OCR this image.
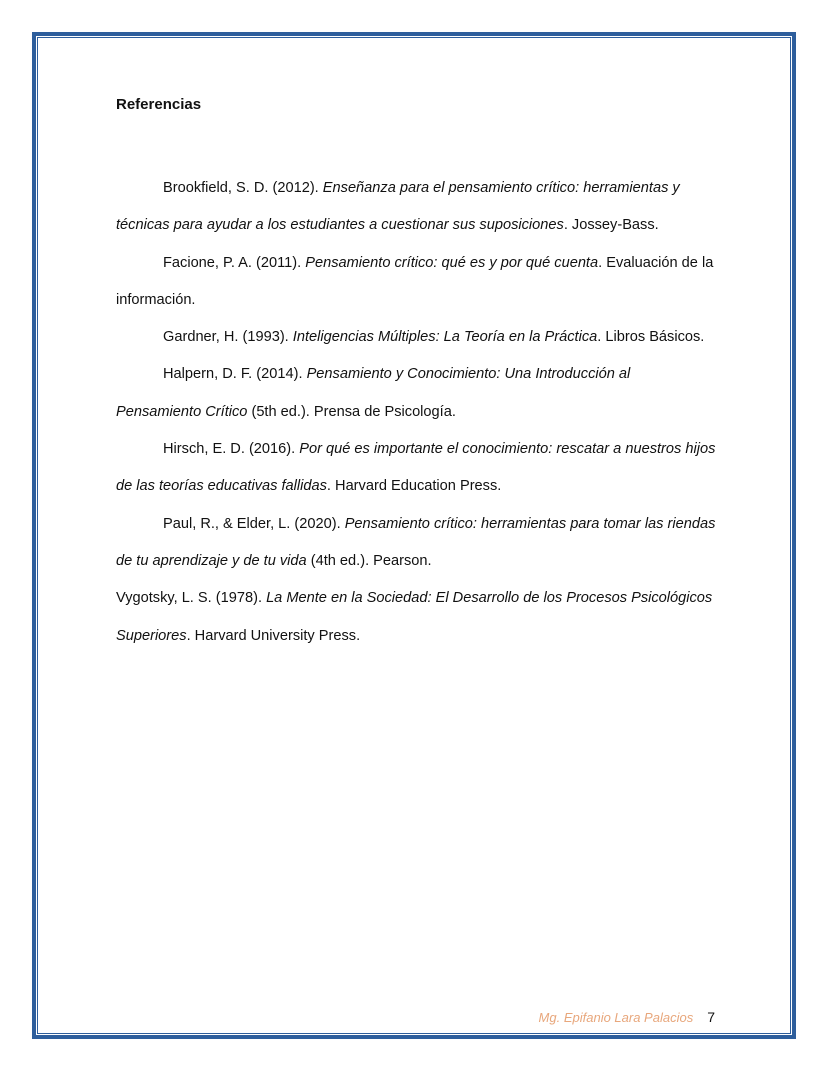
Referencias

Brookfield, S. D. (2012). Enseñanza para el pensamiento crítico: herramientas y técnicas para ayudar a los estudiantes a cuestionar sus suposiciones. Jossey-Bass.

Facione, P. A. (2011). Pensamiento crítico: qué es y por qué cuenta. Evaluación de la información.

Gardner, H. (1993). Inteligencias Múltiples: La Teoría en la Práctica. Libros Básicos.

Halpern, D. F. (2014). Pensamiento y Conocimiento: Una Introducción al Pensamiento Crítico (5th ed.). Prensa de Psicología.

Hirsch, E. D. (2016). Por qué es importante el conocimiento: rescatar a nuestros hijos de las teorías educativas fallidas. Harvard Education Press.

Paul, R., & Elder, L. (2020). Pensamiento crítico: herramientas para tomar las riendas de tu aprendizaje y de tu vida (4th ed.). Pearson.

Vygotsky, L. S. (1978). La Mente en la Sociedad: El Desarrollo de los Procesos Psicológicos Superiores. Harvard University Press.

Mg. Epifanio Lara Palacios 7
